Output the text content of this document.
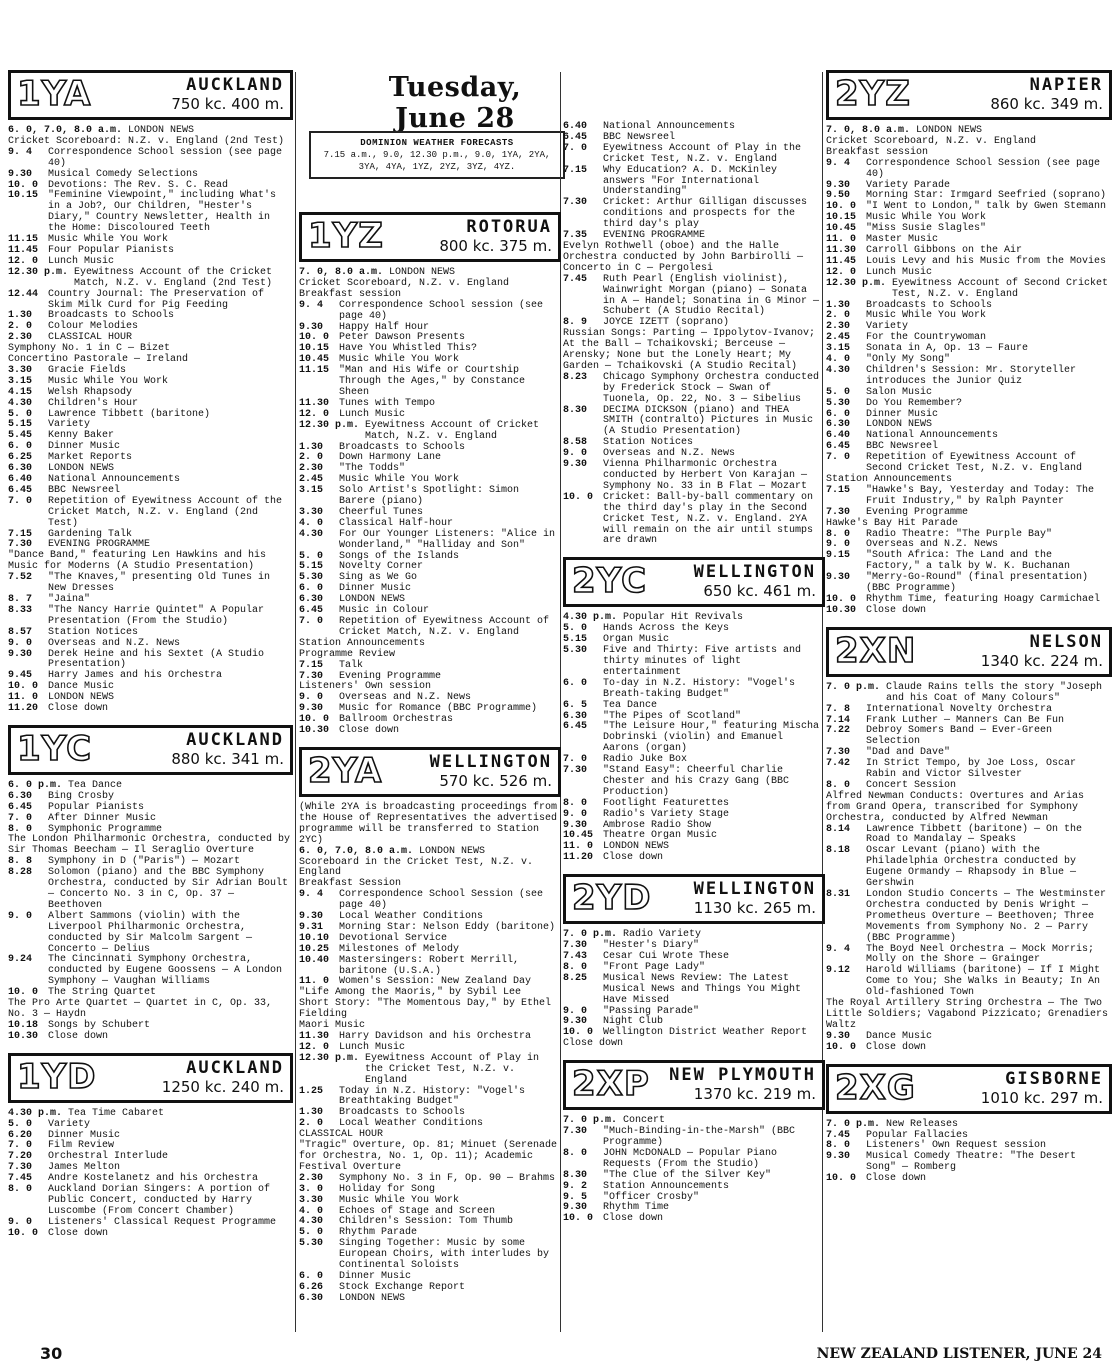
Tuesday, June 28
DOMINION WEATHER FORECASTS
7.15 a.m., 9.0, 12.30 p.m., 9.0, 1YA, 2YA, 3YA, 4YA, 1YZ, 2YZ, 3YZ, 4YZ.
1YA	AUCKLAND
750 kc. 400 m.
6. 0, 7.0, 8.0 a.m. LONDON NEWS
Cricket Scoreboard: N.Z. v. England (2nd Test)
9. 4	Correspondence School session (see page 40)
9.30	Musical Comedy Selections
10. 0 Devotions: The Rev. S. C. Read
10.15 "Feminine Viewpoint," including What's in a Job?, Our Children, "Hester's Diary," Country Newsletter, Health in the Home: Discoloured Teeth
11.15 Music While You Work
11.45 Four Popular Pianists
12. 0 Lunch Music
12.30 p.m. Eyewitness Account of the Cricket Match, N.Z. v. England (2nd Test)
12.44 Country Journal: The Preservation of Skim Milk Curd for Pig Feeding
1.30	Broadcasts to Schools
2. 0	Colour Melodies
2.30	CLASSICAL HOUR
Symphony No. 1 in C — Bizet
Concertino Pastorale — Ireland
3.30	Gracie Fields
3.15	Music While You Work
4.15	Welsh Rhapsody
4.30	Children's Hour
5. 0	Lawrence Tibbett (baritone)
5.15	Variety
5.45	Kenny Baker
6. 0	Dinner Music
6.25	Market Reports
6.30	LONDON NEWS
6.40	National Announcements
6.45	BBC Newsreel
7. 0	Repetition of Eyewitness Account of the Cricket Match, N.Z. v. England (2nd Test)
7.15	Gardening Talk
7.30	EVENING PROGRAMME
"Dance Band," featuring Len Hawkins and his Music for Moderns (A Studio Presentation)
7.52	"The Knaves," presenting Old Tunes in New Dresses
8. 7	"Jaina"
8.33	"The Nancy Harrie Quintet" A Popular Presentation (From the Studio)
8.57	Station Notices
9. 0	Overseas and N.Z. News
9.30	Derek Heine and his Sextet (A Studio Presentation)
9.45	Harry James and his Orchestra
10. 0 Dance Music
11. 0 LONDON NEWS
11.20 Close down
1YC	AUCKLAND
880 kc. 341 m.
6. 0 p.m. Tea Dance
6.30	Bing Crosby
6.45	Popular Pianists
7. 0	After Dinner Music
8. 0	Symphonic Programme
The London Philharmonic Orchestra, conducted by Sir Thomas Beecham — Il Seraglio Overture
8. 8	Symphony in D ("Paris") — Mozart
8.28	Solomon (piano) and the BBC Symphony Orchestra, conducted by Sir Adrian Boult — Concerto No. 3 in C, Op. 37 — Beethoven
9. 0	Albert Sammons (violin) with the Liverpool Philharmonic Orchestra, conducted by Sir Malcolm Sargent — Concerto — Delius
9.24	The Cincinnati Symphony Orchestra, conducted by Eugene Goossens — A London Symphony — Vaughan Williams
10. 0 The String Quartet
The Pro Arte Quartet — Quartet in C, Op. 33, No. 3 — Haydn
10.18 Songs by Schubert
10.30 Close down
1YD	AUCKLAND
1250 kc. 240 m.
4.30 p.m. Tea Time Cabaret
5. 0	Variety
6.20	Dinner Music
7. 0	Film Review
7.20	Orchestral Interlude
7.30	James Melton
7.45	Andre Kostelanetz and his Orchestra
8. 0	Auckland Dorian Singers: A portion of Public Concert, conducted by Harry Luscombe (From Concert Chamber)
9. 0	Listeners' Classical Request Programme
10. 0 Close down
1YZ	ROTORUA
800 kc. 375 m.
7. 0, 8.0 a.m. LONDON NEWS
Cricket Scoreboard, N.Z. v. England
Breakfast session
9. 4	Correspondence School session (see page 40)
9.30	Happy Half Hour
10. 0 Peter Dawson Presents
10.15 Have You Whistled This?
10.45 Music While You Work
11.15 "Man and His Wife or Courtship Through the Ages," by Constance Sheen
11.30 Tunes with Tempo
12. 0 Lunch Music
12.30 p.m. Eyewitness Account of Cricket Match, N.Z. v. England
1.30	Broadcasts to Schools
2. 0	Down Harmony Lane
2.30	"The Todds"
2.45	Music While You Work
3.15	Solo Artist's Spotlight: Simon Barere (piano)
3.30	Cheerful Tunes
4. 0	Classical Half-hour
4.30	For Our Younger Listeners: "Alice in Wonderland," "Halliday and Son"
5. 0	Songs of the Islands
5.15	Novelty Corner
5.30	Sing as We Go
6. 0	Dinner Music
6.30	LONDON NEWS
6.45	Music in Colour
7. 0	Repetition of Eyewitness Account of Cricket Match, N.Z. v. England
Station Announcements
Programme Review
7.15	Talk
7.30	Evening Programme
Listeners' Own session
9. 0	Overseas and N.Z. News
9.30	Music for Romance (BBC Programme)
10. 0 Ballroom Orchestras
10.30 Close down
2YA	WELLINGTON
570 kc. 526 m.
(While 2YA is broadcasting proceedings from the House of Representatives the advertised programme will be transferred to Station 2YC)
6. 0, 7.0, 8.0 a.m. LONDON NEWS
Scoreboard in the Cricket Test, N.Z. v. England
Breakfast Session
9. 4	Correspondence School Session (see page 40)
9.30	Local Weather Conditions
9.31	Morning Star: Nelson Eddy (baritone)
10.10 Devotional Service
10.25 Milestones of Melody
10.40 Mastersingers: Robert Merrill, baritone (U.S.A.)
11. 0 Women's Session: New Zealand Day
"Life Among the Maoris," by Sybil Lee
Short Story: "The Momentous Day," by Ethel Fielding
Maori Music
11.30 Harry Davidson and his Orchestra
12. 0 Lunch Music
12.30 p.m. Eyewitness Account of Play in the Cricket Test, N.Z. v. England
1.25	Today in N.Z. History: "Vogel's Breathtaking Budget"
1.30	Broadcasts to Schools
2. 0	Local Weather Conditions
CLASSICAL HOUR
"Tragic" Overture, Op. 81; Minuet (Serenade for Orchestra, No. 1, Op. 11); Academic Festival Overture
2.30	Symphony No. 3 in F, Op. 90 — Brahms
3. 0	Holiday for Song
3.30	Music While You Work
4. 0	Echoes of Stage and Screen
4.30	Children's Session: Tom Thumb
5. 0	Rhythm Parade
5.30	Singing Together: Music by some European Choirs, with interludes by Continental Soloists
6. 0	Dinner Music
6.26	Stock Exchange Report
6.30	LONDON NEWS
6.40	National Announcements
6.45	BBC Newsreel
7. 0	Eyewitness Account of Play in the Cricket Test, N.Z. v. England
7.15	Why Education? A. D. McKinley answers "For International Understanding"
7.30	Cricket: Arthur Gilligan discusses conditions and prospects for the third day's play
7.35	EVENING PROGRAMME
Evelyn Rothwell (oboe) and the Halle Orchestra conducted by John Barbirolli — Concerto in C — Pergolesi
7.45	Ruth Pearl (English violinist), Wainwright Morgan (piano) — Sonata in A — Handel; Sonatina in G Minor — Schubert (A Studio Recital)
8. 9	JOYCE IZETT (soprano)
Russian Songs: Parting — Ippolytov-Ivanov; At the Ball — Tchaikovski; Berceuse — Arensky; None but the Lonely Heart; My Garden — Tchaikovski (A Studio Recital)
8.23	Chicago Symphony Orchestra conducted by Frederick Stock — Swan of Tuonela, Op. 22, No. 3 — Sibelius
8.30	DECIMA DICKSON (piano) and THEA SMITH (contralto) Pictures in Music (A Studio Presentation)
8.58	Station Notices
9. 0	Overseas and N.Z. News
9.30	Vienna Philharmonic Orchestra conducted by Herbert Von Karajan — Symphony No. 33 in B Flat — Mozart
10. 0 Cricket: Ball-by-ball commentary on the third day's play in the Second Cricket Test, N.Z. v. England. 2YA will remain on the air until stumps are drawn
2YC	WELLINGTON
650 kc. 461 m.
4.30 p.m. Popular Hit Revivals
5. 0	Hands Across the Keys
5.15	Organ Music
5.30	Five and Thirty: Five artists and thirty minutes of light entertainment
6. 0	To-day in N.Z. History: "Vogel's Breath-taking Budget"
6. 5	Tea Dance
6.30	"The Pipes of Scotland"
6.45	"The Leisure Hour," featuring Mischa Dobrinski (violin) and Emanuel Aarons (organ)
7. 0	Radio Juke Box
7.30	"Stand Easy": Cheerful Charlie Chester and his Crazy Gang (BBC Production)
8. 0	Footlight Featurettes
9. 0	Radio's Variety Stage
9.30	Ambrose Radio Show
10.45 Theatre Organ Music
11. 0 LONDON NEWS
11.20 Close down
2YD WELLINGTON
1130 kc. 265 m.
7. 0 p.m. Radio Variety
7.30	"Hester's Diary"
7.43	Cesar Cui Wrote These
8. 0	"Front Page Lady"
8.25	Musical News Review: The Latest Musical News and Things You Might Have Missed
9. 0	"Passing Parade"
9.30	Night Club
10. 0 Wellington District Weather Report
Close down
2XP NEW PLYMOUTH
1370 kc. 219 m.
7. 0 p.m. Concert
7.30	"Much-Binding-in-the-Marsh" (BBC Programme)
8. 0	JOHN McDONALD — Popular Piano Requests (From the Studio)
8.30	"The Clue of the Silver Key"
9. 2	Station Announcements
9. 5	"Officer Crosby"
9.30	Rhythm Time
10. 0 Close down
2YZ	NAPIER
860 kc. 349 m.
7. 0, 8.0 a.m. LONDON NEWS
Cricket Scoreboard, N.Z. v. England
Breakfast session
9. 4	Correspondence School Session (see page 40)
9.30	Variety Parade
9.50	Morning Star: Irmgard Seefried (soprano)
10. 0 "I Went to London," talk by Gwen Stemann
10.15 Music While You Work
10.45 "Miss Susie Slagles"
11. 0 Master Music
11.30 Carroll Gibbons on the Air
11.45 Louis Levy and his Music from the Movies
12. 0 Lunch Music
12.30 p.m. Eyewitness Account of Second Cricket Test, N.Z. v. England
1.30	Broadcasts to Schools
2. 0	Music While You Work
2.30	Variety
2.45	For the Countrywoman
3.15	Sonata in A, Op. 13 — Faure
4. 0	"Only My Song"
4.30	Children's Session: Mr. Storyteller introduces the Junior Quiz
5. 0	Salon Music
5.30	Do You Remember?
6. 0	Dinner Music
6.30	LONDON NEWS
6.40	National Announcements
6.45	BBC Newsreel
7. 0	Repetition of Eyewitness Account of Second Cricket Test, N.Z. v. England
Station Announcements
7.15	"Hawke's Bay, Yesterday and Today: The Fruit Industry," by Ralph Paynter
7.30	Evening Programme
Hawke's Bay Hit Parade
8. 0	Radio Theatre: "The Purple Bay"
9. 0	Overseas and N.Z. News
9.15	"South Africa: The Land and the Factory," a talk by W. K. Buchanan
9.30	"Merry-Go-Round" (final presentation) (BBC Programme)
10. 0 Rhythm Time, featuring Hoagy Carmichael
10.30 Close down
2XN	NELSON
1340 kc. 224 m.
7. 0 p.m. Claude Rains tells the story "Joseph and his Coat of Many Colours"
7. 8	International Novelty Orchestra
7.14	Frank Luther — Manners Can Be Fun
7.22	Debroy Somers Band — Ever-Green Selection
7.30	"Dad and Dave"
7.42	In Strict Tempo, by Joe Loss, Oscar Rabin and Victor Silvester
8. 0	Concert Session
Alfred Newman Conducts: Overtures and Arias from Grand Opera, transcribed for Symphony Orchestra, conducted by Alfred Newman
8.14	Lawrence Tibbett (baritone) — On the Road to Mandalay — Speaks
8.18	Oscar Levant (piano) with the Philadelphia Orchestra conducted by Eugene Ormandy — Rhapsody in Blue — Gershwin
8.31	London Studio Concerts — The Westminster Orchestra conducted by Denis Wright — Prometheus Overture — Beethoven; Three Movements from Symphony No. 2 — Parry (BBC Programme)
9. 4	The Boyd Neel Orchestra — Mock Morris; Molly on the Shore — Grainger
9.12	Harold Williams (baritone) — If I Might Come to You; She Walks in Beauty; In An Old-fashioned Town
The Royal Artillery String Orchestra — The Two Little Soldiers; Vagabond Pizzicato; Grenadiers Waltz
9.30	Dance Music
10. 0 Close down
2XG	GISBORNE
1010 kc. 297 m.
7. 0 p.m. New Releases
7.45	Popular Fallacies
8. 0	Listeners' Own Request session
9.30	Musical Comedy Theatre: "The Desert Song" — Romberg
10. 0 Close down
30	NEW ZEALAND LISTENER, JUNE 24
